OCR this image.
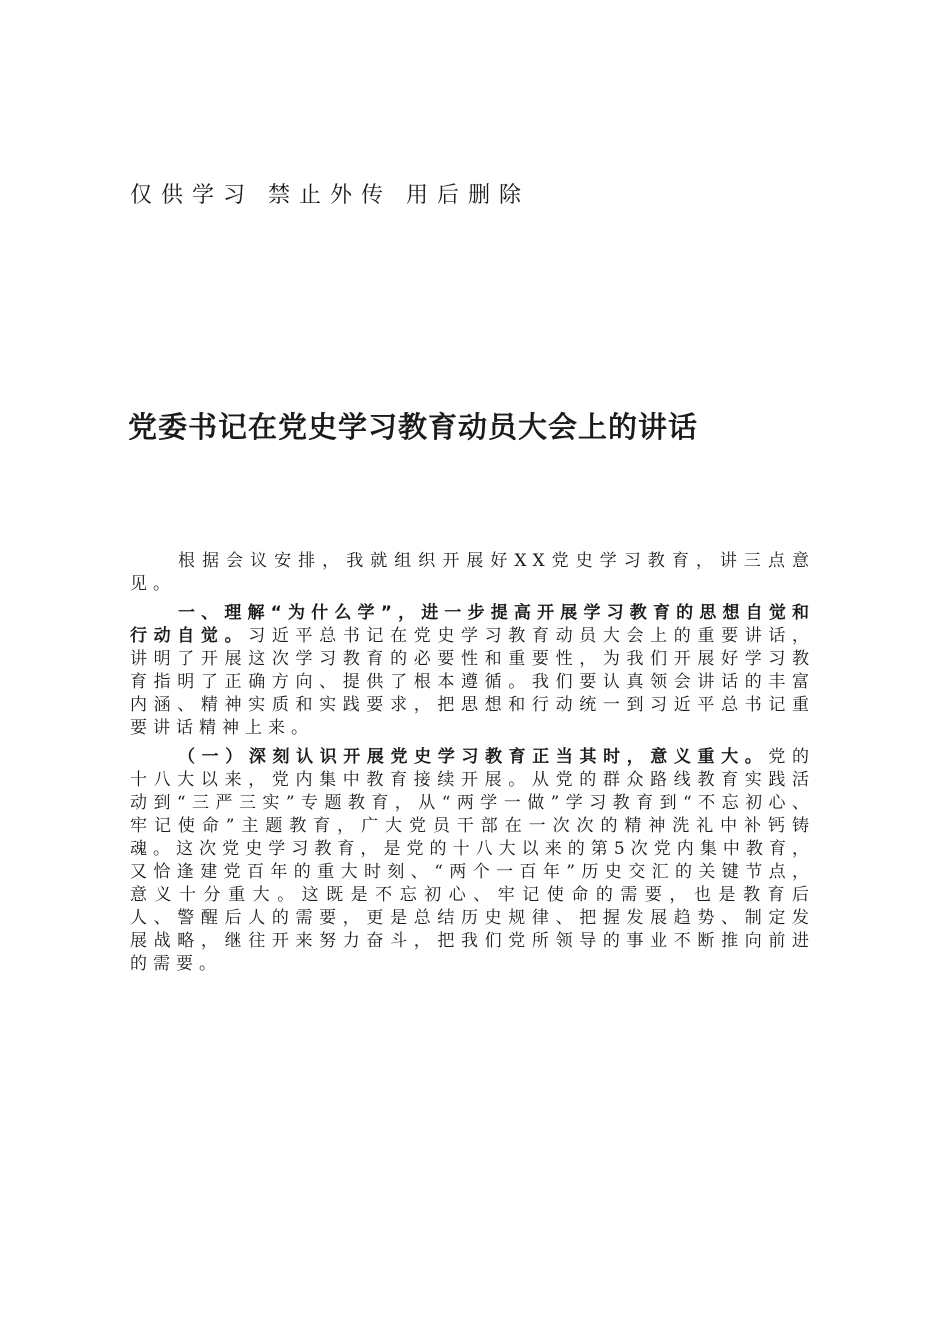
仅供学习 禁止外传 用后删除
党委书记在党史学习教育动员大会上的讲话

根据会议安排，我就组织开展好XX党史学习教育，讲三点意见。

一、理解“为什么学”，进一步提高开展学习教育的思想自觉和行动自觉。习近平总书记在党史学习教育动员大会上的重要讲话，讲明了开展这次学习教育的必要性和重要性，为我们开展好学习教育指明了正确方向、提供了根本遵循。我们要认真领会讲话的丰富内涵、精神实质和实践要求，把思想和行动统一到习近平总书记重要讲话精神上来。

（一）深刻认识开展党史学习教育正当其时，意义重大。党的十八大以来，党内集中教育接续开展。从党的群众路线教育实践活动到“三严三实”专题教育，从“两学一做”学习教育到“不忘初心、牢记使命”主题教育，广大党员干部在一次次的精神洗礼中补钙铸魂。这次党史学习教育，是党的十八大以来的第5次党内集中教育，又恰逢建党百年的重大时刻、“两个一百年”历史交汇的关键节点，意义十分重大。这既是不忘初心、牢记使命的需要，也是教育后人、警醒后人的需要，更是总结历史规律、把握发展趋势、制定发展战略，继往开来努力奋斗，把我们党所领导的事业不断推向前进的需要。
